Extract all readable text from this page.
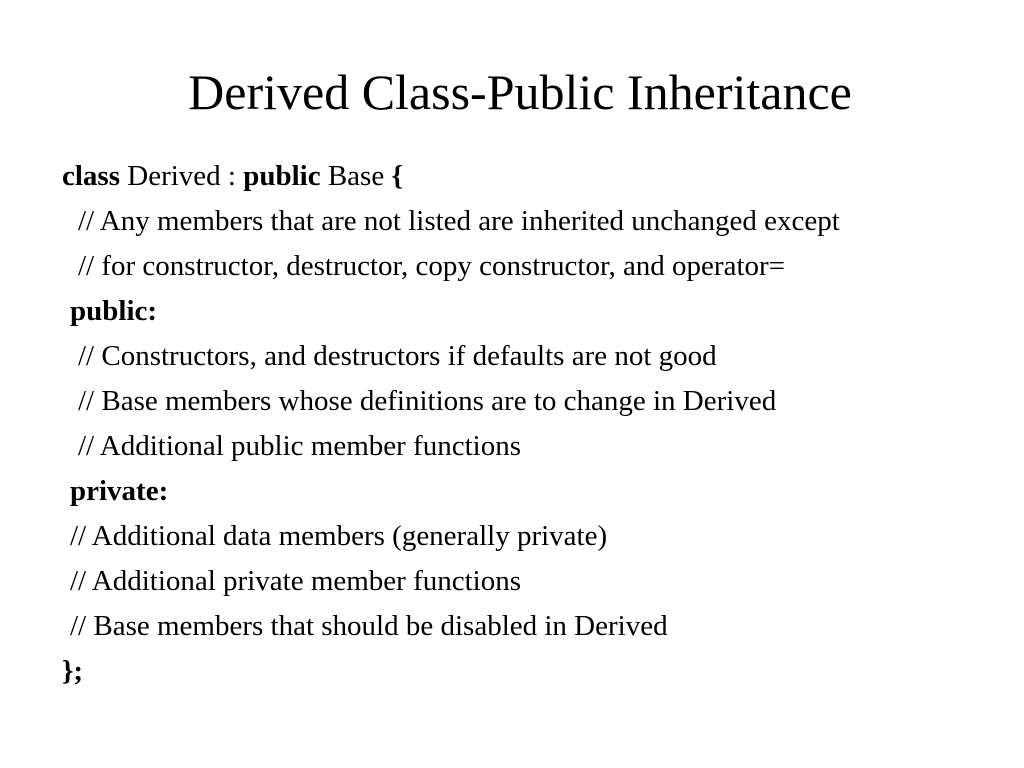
Derived Class-Public Inheritance
class Derived : public Base {
// Any members that are not listed are inherited unchanged except
// for constructor, destructor, copy constructor, and operator=
public:
// Constructors, and destructors if defaults are not good
// Base members whose definitions are to change in Derived
// Additional public member functions
private:
// Additional data members (generally private)
// Additional private member functions
// Base members that should be disabled in Derived
};
